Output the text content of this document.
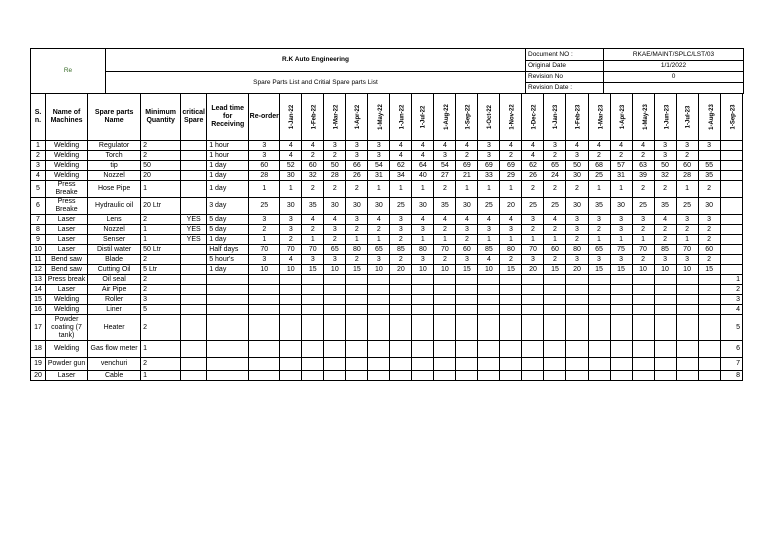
Re	R.K Auto Engineering	Document NO :	RKAE/MAINT/SPLC/LST/03
		Original Date	1/1/2022
	Spare Parts List and Critial Spare parts List	Revision No	0
		Revision Date :	
S. n.	Name of Machines	Spare parts Name	Minimum Quantity	critical Spare	Lead time for Receiving	Re-order	1-Jan-22	1-Feb-22	1-Mar-22	1-Apr-22	1-May-22	1-Jun-22	1-Jul-22	1-Aug-22	1-Sep-22	1-Oct-22	1-Nov-22	1-Dec-22	1-Jan-23	1-Feb-23	1-Mar-23	1-Apr-23	1-May-23	1-Jun-23	1-Jul-23	1-Aug-23	1-Sep-23
1	Welding	Regulator	2		1 hour	3	4	4	3	3	3	4	4	4	4	3	4	4	3	4	4	4	4	3	3	3	
2	Welding	Torch	2		1 hour	3	4	2	2	3	3	4	4	3	2	3	2	4	2	3	2	2	2	3	2		
3	Welding	tip	50		1 day	60	52	60	50	66	54	62	64	54	69	69	69	62	65	50	68	57	63	50	60	55	
4	Welding	Nozzel	20		1 day	28	30	32	28	26	31	34	40	27	21	33	29	26	24	30	25	31	39	32	28	35	
5	Press Breake	Hose Pipe	1		1 day	1	1	2	2	2	1	1	1	2	1	1	1	2	2	2	1	1	2	2	1	2	
6	Press Breake	Hydraulic oil	20 Ltr		3 day	25	30	35	30	30	30	25	30	35	30	25	20	25	25	30	35	30	25	35	25	30	
7	Laser	Lens	2	YES	5 day	3	3	4	4	3	4	3	4	4	4	4	4	3	4	3	3	3	3	4	3	3	
8	Laser	Nozzel	1	YES	5 day	2	3	2	3	2	2	3	3	2	3	3	3	2	2	3	2	3	2	2	2	2	
9	Laser	Senser	1	YES	1 day	1	2	1	2	1	1	2	1	1	2	1	1	1	1	2	1	1	1	2	1	2	
10	Laser	Distil water	50 Ltr		Half days	70	70	70	65	80	65	85	80	70	60	85	80	70	60	80	65	75	70	85	70	60	
11	Bend saw	Blade	2		5 hour's	3	4	3	3	2	3	2	3	2	3	4	2	3	2	3	3	3	2	3	3	2	
12	Bend saw	Cutting Oil	5 Ltr		1 day	10	10	15	10	15	10	20	10	10	15	10	15	20	15	20	15	15	10	10	10	15	
13	Press break	Oil seal	2																								1
14	Laser	Air Pipe	2																								2
15	Welding	Roller	3																								3
16	Welding	Liner	5																								4
17	Powder coating (7 tank)	Heater	2																								5
18	Welding	Gas flow meter	1																								6
19	Powder gun	venchuri	2																								7
20	Laser	Cable	1																								8
